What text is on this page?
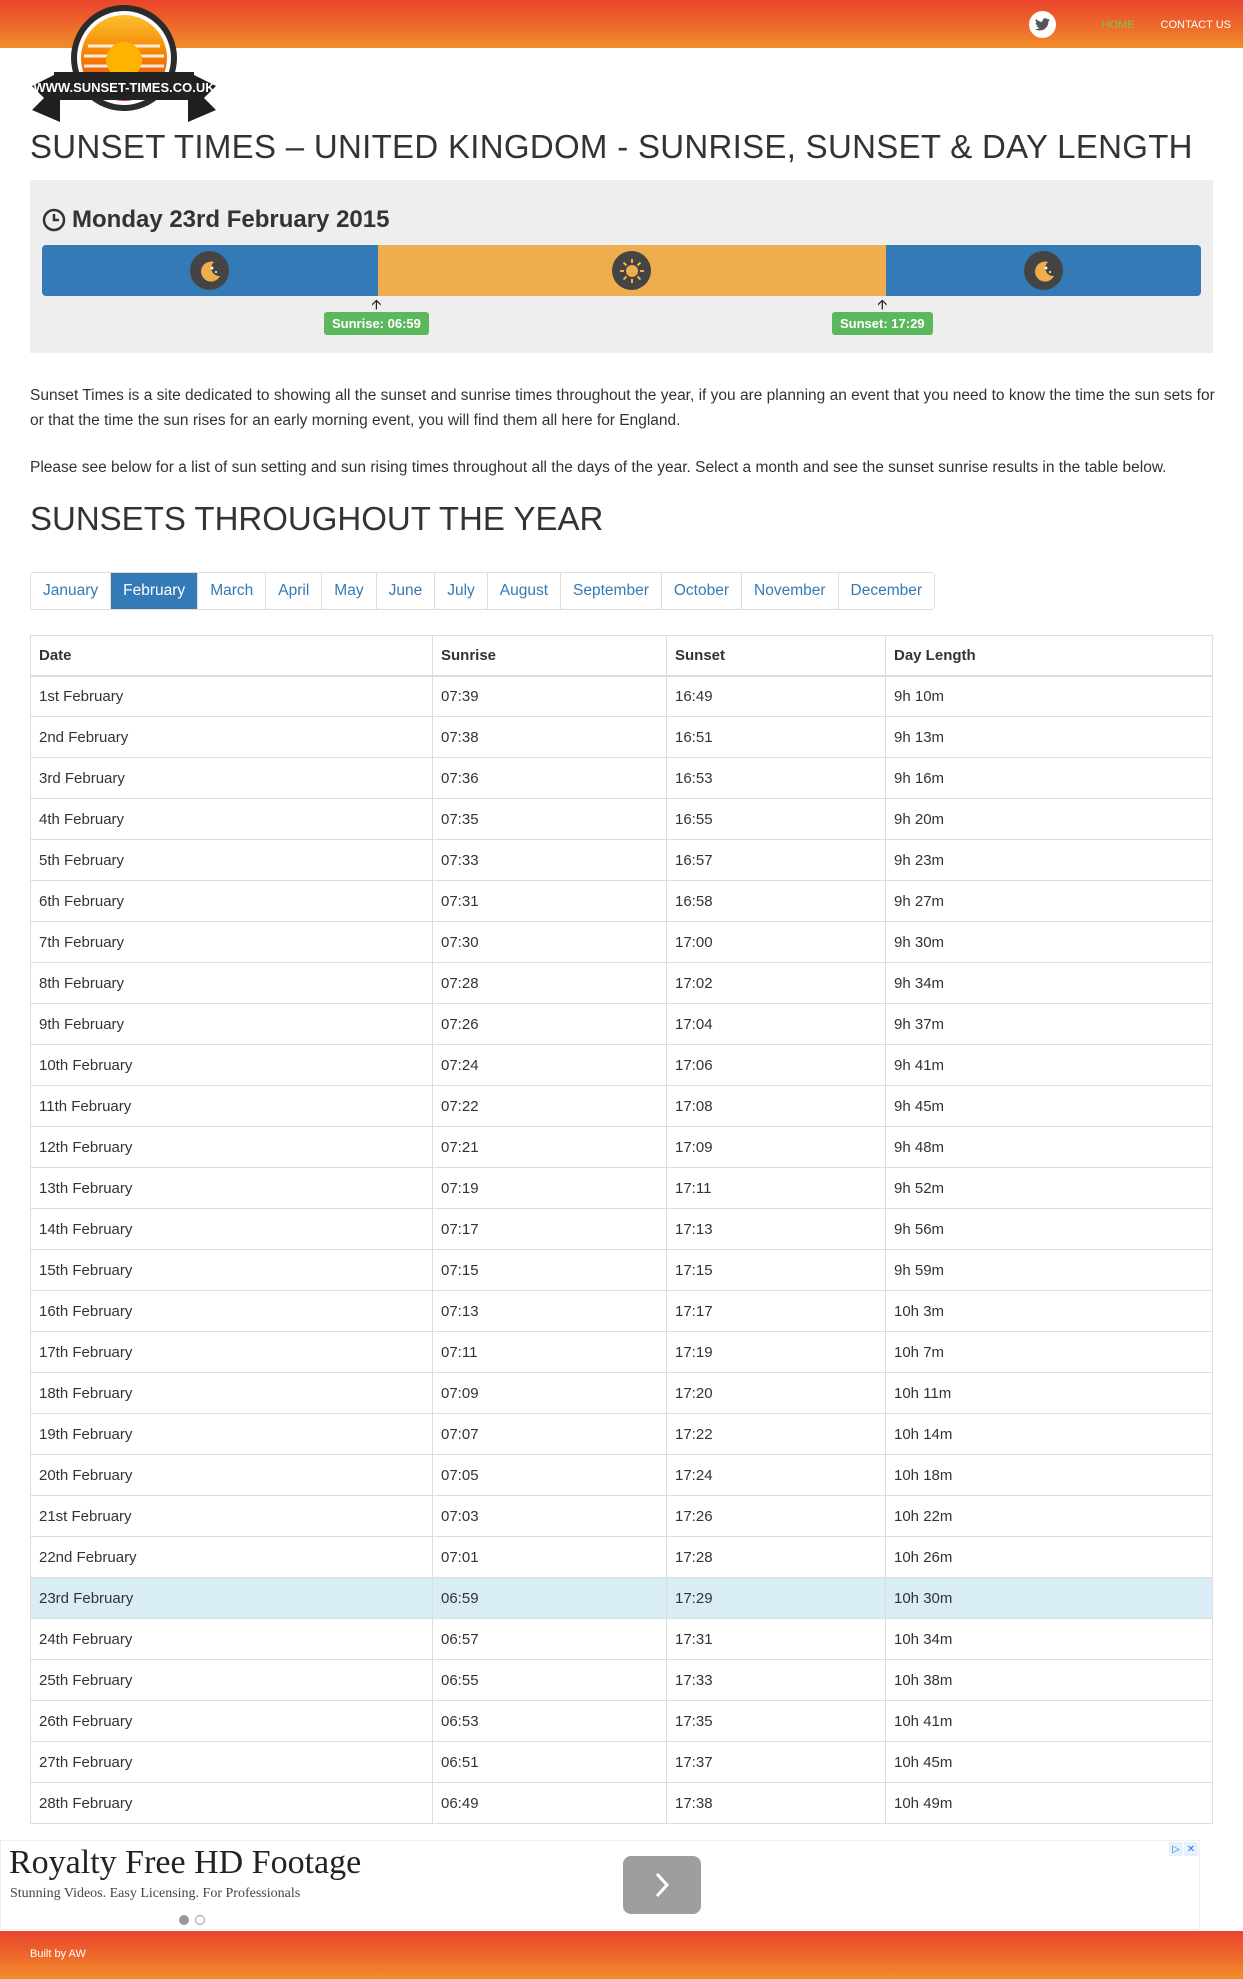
HOME CONTACT US
WWW.SUNSET-TIMES.CO.UK
SUNSET TIMES – UNITED KINGDOM - SUNRISE, SUNSET & DAY LENGTH
Monday 23rd February 2015
🡩
Sunrise: 06:59
🡩
Sunset: 17:29

Sunset Times is a site dedicated to showing all the sunset and sunrise times throughout the year, if you are planning an event that you need to know the time the sun sets for or that the time the sun rises for an early morning event, you will find them all here for England.

Please see below for a list of sun setting and sun rising times throughout all the days of the year. Select a month and see the sunset sunrise results in the table below.

SUNSETS THROUGHOUT THE YEAR
January	February	March	April	May	June	July	August	September	October	November	December
Date	Sunrise	Sunset	Day Length
1st February	07:39	16:49	9h 10m
2nd February	07:38	16:51	9h 13m
3rd February	07:36	16:53	9h 16m
4th February	07:35	16:55	9h 20m
5th February	07:33	16:57	9h 23m
6th February	07:31	16:58	9h 27m
7th February	07:30	17:00	9h 30m
8th February	07:28	17:02	9h 34m
9th February	07:26	17:04	9h 37m
10th February	07:24	17:06	9h 41m
11th February	07:22	17:08	9h 45m
12th February	07:21	17:09	9h 48m
13th February	07:19	17:11	9h 52m
14th February	07:17	17:13	9h 56m
15th February	07:15	17:15	9h 59m
16th February	07:13	17:17	10h 3m
17th February	07:11	17:19	10h 7m
18th February	07:09	17:20	10h 11m
19th February	07:07	17:22	10h 14m
20th February	07:05	17:24	10h 18m
21st February	07:03	17:26	10h 22m
22nd February	07:01	17:28	10h 26m
23rd February	06:59	17:29	10h 30m
24th February	06:57	17:31	10h 34m
25th February	06:55	17:33	10h 38m
26th February	06:53	17:35	10h 41m
27th February	06:51	17:37	10h 45m
28th February	06:49	17:38	10h 49m
Royalty Free HD Footage
Stunning Videos. Easy Licensing. For Professionals
▷ ✕
Built by AW
